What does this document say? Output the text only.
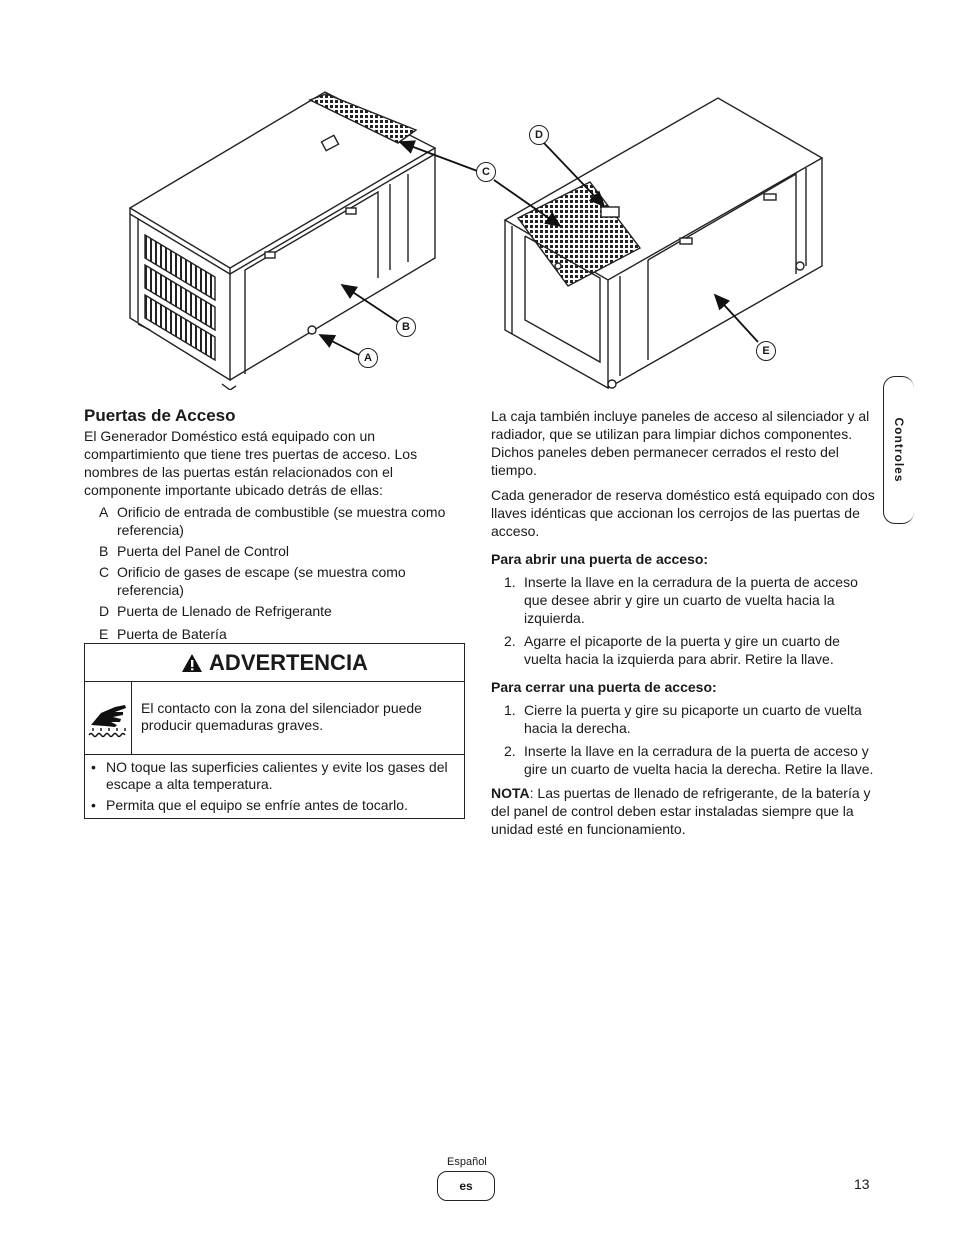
A
B
C
D
E
Puertas de Acceso
El Generador Doméstico está equipado con un compartimiento que tiene tres puertas de acceso. Los nombres de las puertas están relacionados con el componente importante ubicado detrás de ellas:
A Orificio de entrada de combustible (se muestra como referencia)
B Puerta del Panel de Control
C Orificio de gases de escape (se muestra como referencia)
D Puerta de Llenado de Refrigerante
E Puerta de Batería
ADVERTENCIA
El contacto con la zona del silenciador puede producir quemaduras graves.
• NO toque las superficies calientes y evite los gases del escape a alta temperatura.
• Permita que el equipo se enfríe antes de tocarlo.

La caja también incluye paneles de acceso al silenciador y al radiador, que se utilizan para limpiar dichos componentes. Dichos paneles deben permanecer cerrados el resto del tiempo.

Cada generador de reserva doméstico está equipado con dos llaves idénticas que accionan los cerrojos de las puertas de acceso.

Para abrir una puerta de acceso:
1. Inserte la llave en la cerradura de la puerta de acceso que desee abrir y gire un cuarto de vuelta hacia la izquierda.
2. Agarre el picaporte de la puerta y gire un cuarto de vuelta hacia la izquierda para abrir. Retire la llave.
Para cerrar una puerta de acceso:
1. Cierre la puerta y gire su picaporte un cuarto de vuelta hacia la derecha.
2. Inserte la llave en la cerradura de la puerta de acceso y gire un cuarto de vuelta hacia la derecha. Retire la llave.

NOTA: Las puertas de llenado de refrigerante, de la batería y del panel de control deben estar instaladas siempre que la unidad esté en funcionamiento.

Controles
Español
es	13
